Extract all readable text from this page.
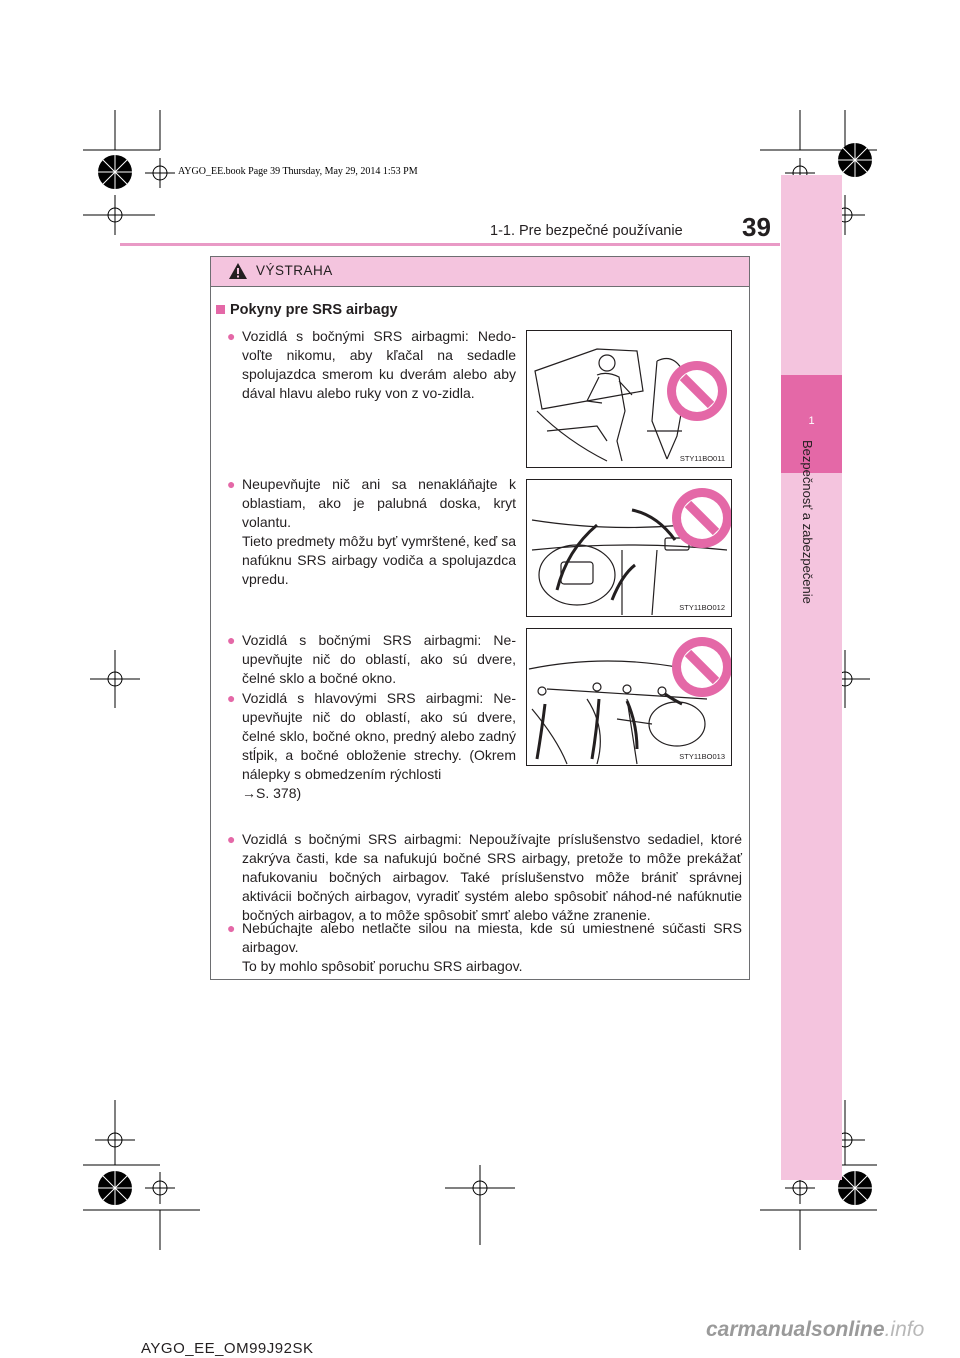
1
Bezpečnosť a zabezpečenie
AYGO_EE.book Page 39 Thursday, May 29, 2014 1:53 PM
1-1. Pre bezpečné používanie 39
VÝSTRAHA
Pokyny pre SRS airbagy
● Vozidlá s bočnými SRS airbagmi: Nedo-voľte nikomu, aby kľačal na sedadle spolujazdca smerom ku dverám alebo aby dával hlavu alebo ruky von z vo-zidla.

● Neupevňujte nič ani sa nenakláňajte k oblastiam, ako je palubná doska, kryt volantu.

Tieto predmety môžu byť vymrštené, keď sa nafúknu SRS airbagy vodiča a spolujazdca vpredu.

● Vozidlá s bočnými SRS airbagmi: Ne-upevňujte nič do oblastí, ako sú dvere, čelné sklo a bočné okno.

● Vozidlá s hlavovými SRS airbagmi: Ne-upevňujte nič do oblastí, ako sú dvere, čelné sklo, bočné okno, predný alebo zadný stĺpik, a bočné obloženie strechy. (Okrem nálepky s obmedzením rýchlosti

→S. 378)

● Vozidlá s bočnými SRS airbagmi: Nepoužívajte príslušenstvo sedadiel, ktoré zakrýva časti, kde sa nafukujú bočné SRS airbagy, pretože to môže prekážať nafukovaniu bočných airbagov. Také príslušenstvo môže brániť správnej aktivácii bočných airbagov, vyradiť systém alebo spôsobiť náhod-né nafúknutie bočných airbagov, a to môže spôsobiť smrť alebo vážne zranenie.

● Nebúchajte alebo netlačte silou na miesta, kde sú umiestnené súčasti SRS airbagov.

To by mohlo spôsobiť poruchu SRS airbagov.

STY11BO011
STY11BO012
STY11BO013
AYGO_EE_OM99J92SK
carmanualsonline.info
